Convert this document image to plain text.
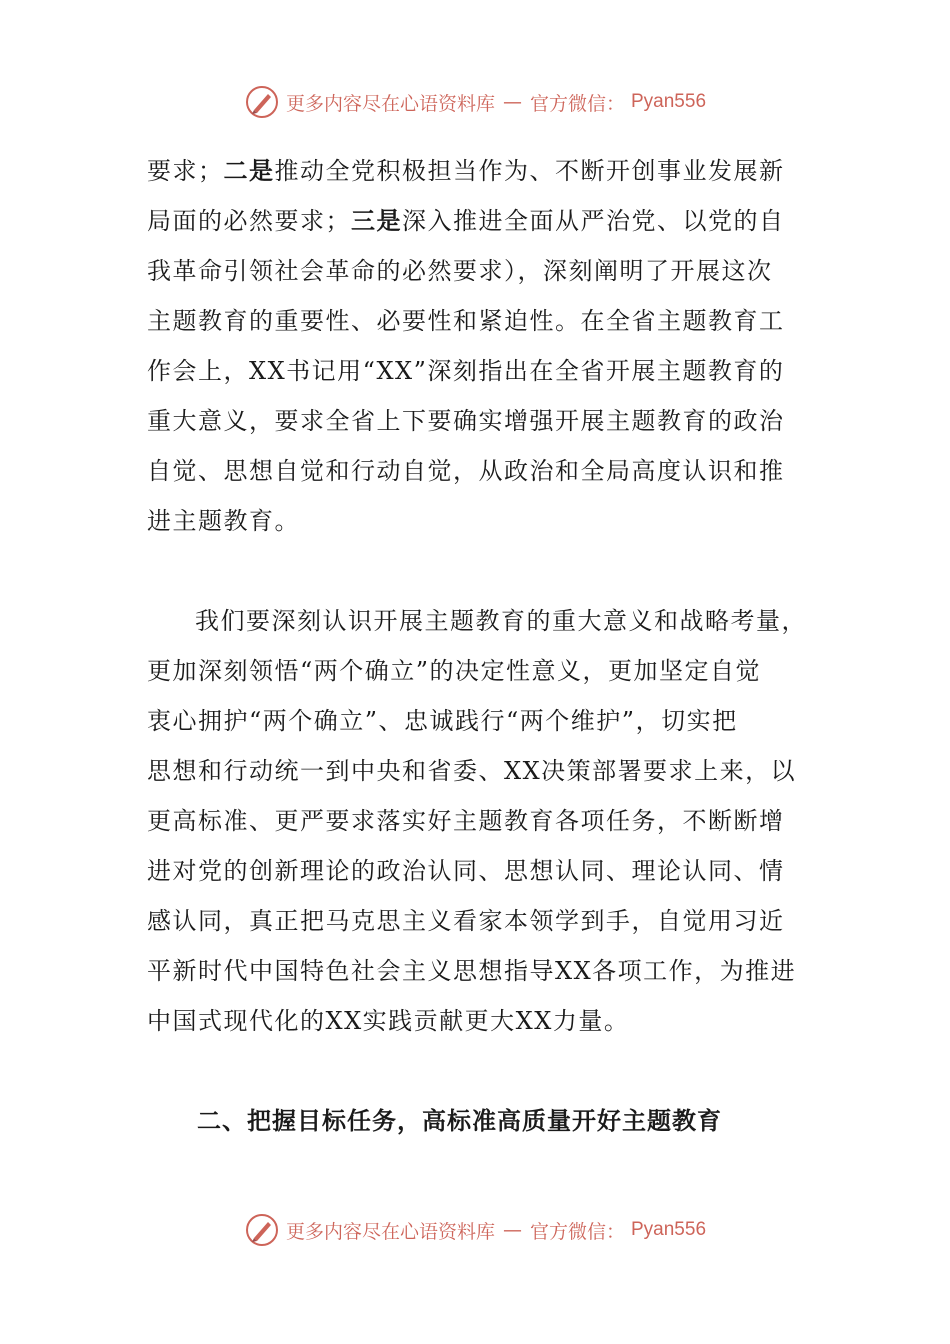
更多内容尽在心语资料库 — 官方微信： Pyan556
要求；二是推动全党积极担当作为、不断开创事业发展新
局面的必然要求；三是深入推进全面从严治党、以党的自
我革命引领社会革命的必然要求），深刻阐明了开展这次
主题教育的重要性、必要性和紧迫性。在全省主题教育工
作会上，XX书记用“XX”深刻指出在全省开展主题教育的
重大意义，要求全省上下要确实增强开展主题教育的政治
自觉、思想自觉和行动自觉，从政治和全局高度认识和推
进主题教育。
我们要深刻认识开展主题教育的重大意义和战略考量，
更加深刻领悟“两个确立”的决定性意义，更加坚定自觉
衷心拥护“两个确立”、忠诚践行“两个维护”，切实把
思想和行动统一到中央和省委、XX决策部署要求上来，以
更高标准、更严要求落实好主题教育各项任务，不断断增
进对党的创新理论的政治认同、思想认同、理论认同、情
感认同，真正把马克思主义看家本领学到手，自觉用习近
平新时代中国特色社会主义思想指导XX各项工作，为推进
中国式现代化的XX实践贡献更大XX力量。
二、把握目标任务，高标准高质量开好主题教育
更多内容尽在心语资料库 — 官方微信： Pyan556
